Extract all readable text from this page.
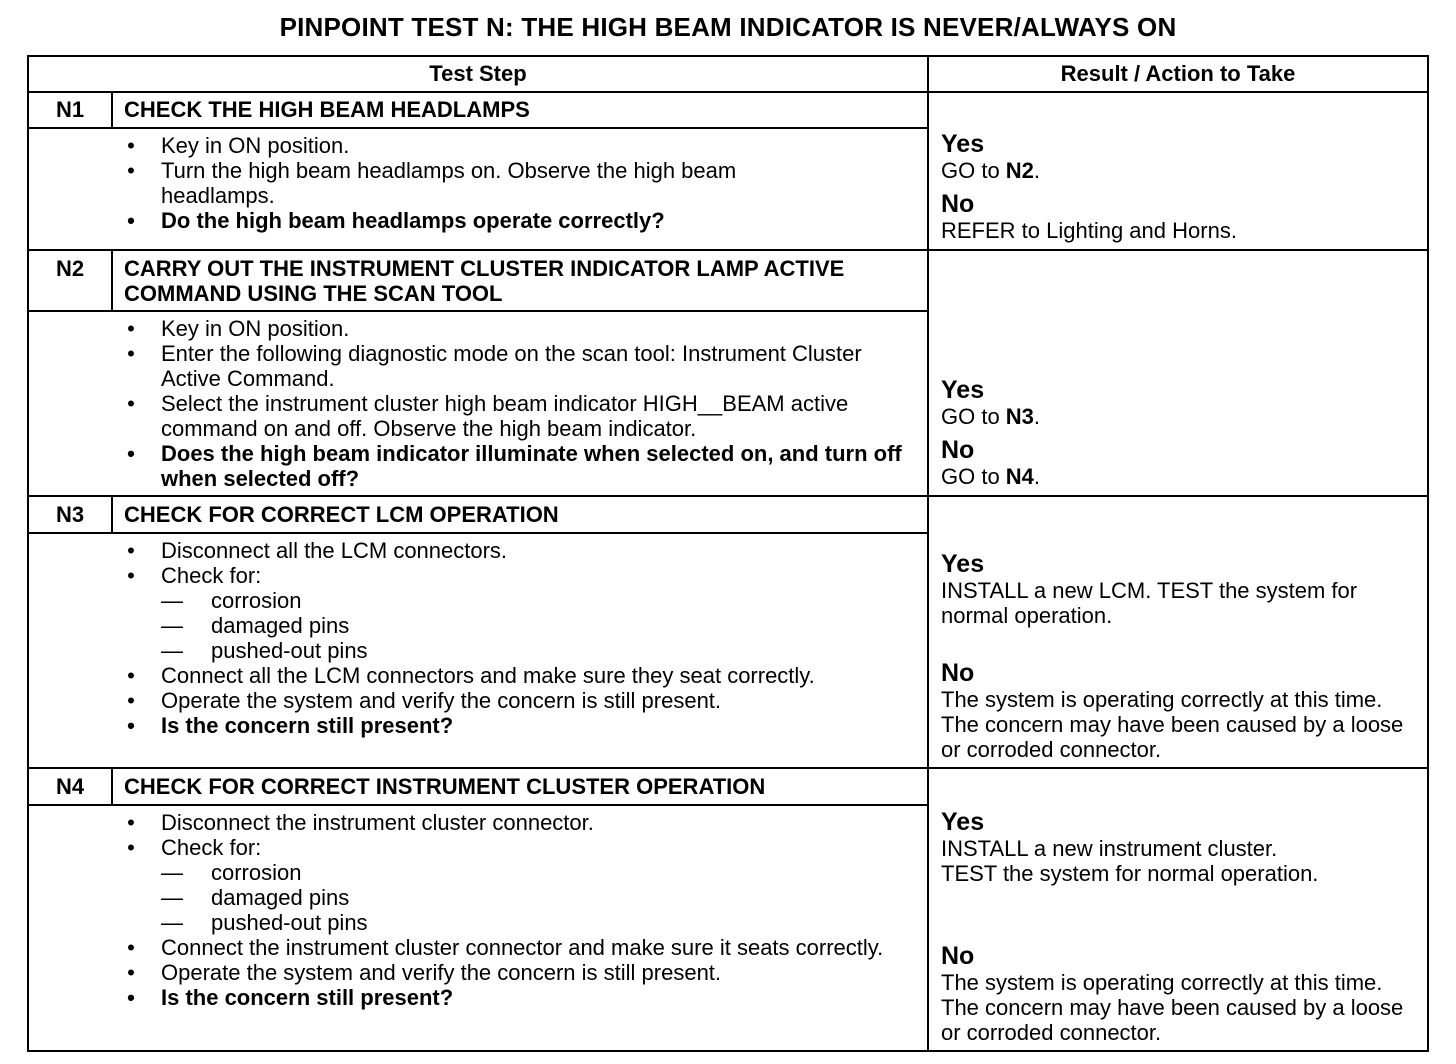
PINPOINT TEST N: THE HIGH BEAM INDICATOR IS NEVER/ALWAYS ON
Test Step	Result / Action to Take
N1	CHECK THE HIGH BEAM HEADLAMPS
• Key in ON position.
• Turn the high beam headlamps on. Observe the high beam headlamps.
• Do the high beam headlamps operate correctly?
Yes
GO to N2.
No
REFER to Lighting and Horns.
N2	CARRY OUT THE INSTRUMENT CLUSTER INDICATOR LAMP ACTIVE COMMAND USING THE SCAN TOOL
• Key in ON position.
• Enter the following diagnostic mode on the scan tool: Instrument Cluster Active Command.
• Select the instrument cluster high beam indicator HIGH__BEAM active command on and off. Observe the high beam indicator.
• Does the high beam indicator illuminate when selected on, and turn off when selected off?
Yes
GO to N3.
No
GO to N4.
N3	CHECK FOR CORRECT LCM OPERATION
• Disconnect all the LCM connectors.
• Check for:
— corrosion
— damaged pins
— pushed-out pins
• Connect all the LCM connectors and make sure they seat correctly.
• Operate the system and verify the concern is still present.
• Is the concern still present?
Yes
INSTALL a new LCM. TEST the system for normal operation.
No
The system is operating correctly at this time. The concern may have been caused by a loose or corroded connector.
N4	CHECK FOR CORRECT INSTRUMENT CLUSTER OPERATION
• Disconnect the instrument cluster connector.
• Check for:
— corrosion
— damaged pins
— pushed-out pins
• Connect the instrument cluster connector and make sure it seats correctly.
• Operate the system and verify the concern is still present.
• Is the concern still present?
Yes
INSTALL a new instrument cluster.
TEST the system for normal operation.
No
The system is operating correctly at this time. The concern may have been caused by a loose or corroded connector.
